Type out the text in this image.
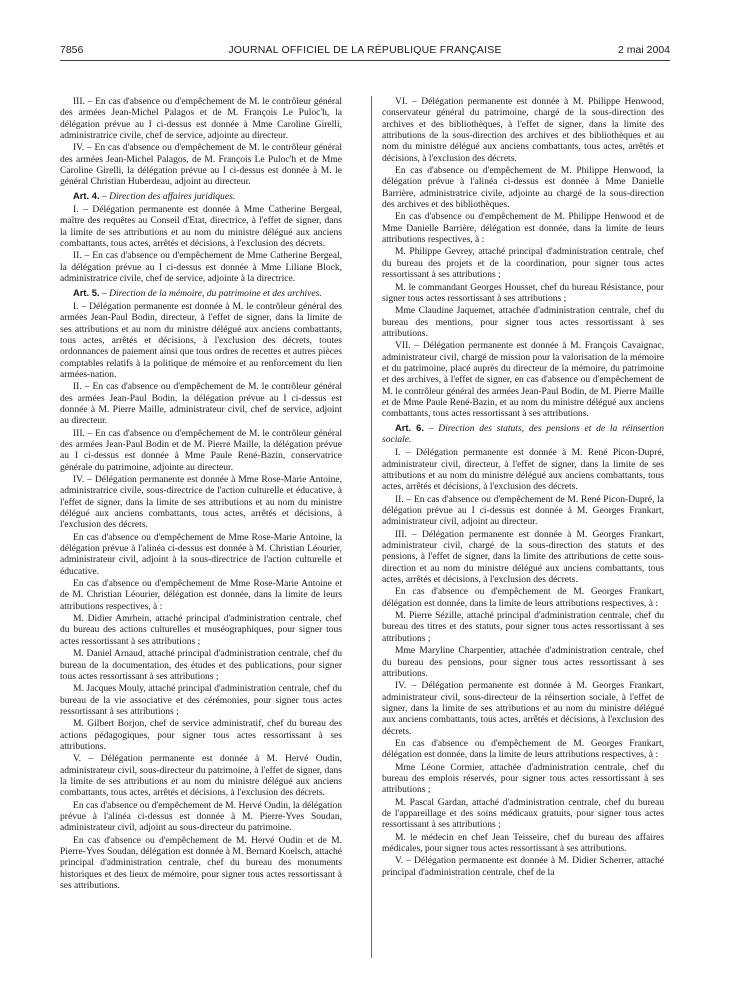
7856	JOURNAL OFFICIEL DE LA RÉPUBLIQUE FRANÇAISE	2 mai 2004

III. – En cas d'absence ou d'empêchement de M. le contrôleur général des armées Jean-Michel Palagos et de M. François Le Puloc'h, la délégation prévue au I ci-dessus est donnée à Mme Caroline Girelli, administratrice civile, chef de service, adjointe au directeur.

IV. – En cas d'absence ou d'empêchement de M. le contrôleur général des armées Jean-Michel Palagos, de M. François Le Puloc'h et de Mme Caroline Girelli, la délégation prévue au I ci-dessus est donnée à M. le général Christian Huberdeau, adjoint au directeur.

Art. 4. – Direction des affaires juridiques.

I. – Délégation permanente est donnée à Mme Catherine Bergeal, maître des requêtes au Conseil d'Etat, directrice, à l'effet de signer, dans la limite de ses attributions et au nom du ministre délégué aux anciens combattants, tous actes, arrêtés et décisions, à l'exclusion des décrets.

II. – En cas d'absence ou d'empêchement de Mme Catherine Bergeal, la délégation prévue au I ci-dessus est donnée à Mme Liliane Block, administratrice civile, chef de service, adjointe à la directrice.

Art. 5. – Direction de la mémoire, du patrimoine et des archives.

I. – Délégation permanente est donnée à M. le contrôleur général des armées Jean-Paul Bodin, directeur, à l'effet de signer, dans la limite de ses attributions et au nom du ministre délégué aux anciens combattants, tous actes, arrêtés et décisions, à l'exclusion des décrets, toutes ordonnances de paiement ainsi que tous ordres de recettes et autres pièces comptables relatifs à la politique de mémoire et au renforcement du lien armées-nation.

II. – En cas d'absence ou d'empêchement de M. le contrôleur général des armées Jean-Paul Bodin, la délégation prévue au I ci-dessus est donnée à M. Pierre Maille, administrateur civil, chef de service, adjoint au directeur.

III. – En cas d'absence ou d'empêchement de M. le contrôleur général des armées Jean-Paul Bodin et de M. Pierre Maille, la délégation prévue au I ci-dessus est donnée à Mme Paule René-Bazin, conservatrice générale du patrimoine, adjointe au directeur.

IV. – Délégation permanente est donnée à Mme Rose-Marie Antoine, administratrice civile, sous-directrice de l'action culturelle et éducative, à l'effet de signer, dans la limite de ses attributions et au nom du ministre délégué aux anciens combattants, tous actes, arrêtés et décisions, à l'exclusion des décrets.

En cas d'absence ou d'empêchement de Mme Rose-Marie Antoine, la délégation prévue à l'alinéa ci-dessus est donnée à M. Christian Léourier, administrateur civil, adjoint à la sous-directrice de l'action culturelle et éducative.

En cas d'absence ou d'empêchement de Mme Rose-Marie Antoine et de M. Christian Léourier, délégation est donnée, dans la limite de leurs attributions respectives, à :

M. Didier Amrhein, attaché principal d'administration centrale, chef du bureau des actions culturelles et muséographiques, pour signer tous actes ressortissant à ses attributions ;

M. Daniel Arnaud, attaché principal d'administration centrale, chef du bureau de la documentation, des études et des publications, pour signer tous actes ressortissant à ses attributions ;

M. Jacques Mouly, attaché principal d'administration centrale, chef du bureau de la vie associative et des cérémonies, pour signer tous actes ressortissant à ses attributions ;

M. Gilbert Borjon, chef de service administratif, chef du bureau des actions pédagogiques, pour signer tous actes ressortissant à ses attributions.

V. – Délégation permanente est donnée à M. Hervé Oudin, administrateur civil, sous-directeur du patrimoine, à l'effet de signer, dans la limite de ses attributions et au nom du ministre délégué aux anciens combattants, tous actes, arrêtés et décisions, à l'exclusion des décrets.

En cas d'absence ou d'empêchement de M. Hervé Oudin, la délégation prévue à l'alinéa ci-dessus est donnée à M. Pierre-Yves Soudan, administrateur civil, adjoint au sous-directeur du patrimoine.

En cas d'absence ou d'empêchement de M. Hervé Oudin et de M. Pierre-Yves Soudan, délégation est donnée à M. Bernard Koelsch, attaché principal d'administration centrale, chef du bureau des monuments historiques et des lieux de mémoire, pour signer tous actes ressortissant à ses attributions.

VI. – Délégation permanente est donnée à M. Philippe Henwood, conservateur général du patrimoine, chargé de la sous-direction des archives et des bibliothèques, à l'effet de signer, dans la limite des attributions de la sous-direction des archives et des bibliothèques et au nom du ministre délégué aux anciens combattants, tous actes, arrêtés et décisions, à l'exclusion des décrets.

En cas d'absence ou d'empêchement de M. Philippe Henwood, la délégation prévue à l'alinéa ci-dessus est donnée à Mme Danielle Barrière, administratrice civile, adjointe au chargé de la sous-direction des archives et des bibliothèques.

En cas d'absence ou d'empêchement de M. Philippe Henwood et de Mme Danielle Barrière, délégation est donnée, dans la limite de leurs attributions respectives, à :

M. Philippe Gevrey, attaché principal d'administration centrale, chef du bureau des projets et de la coordination, pour signer tous actes ressortissant à ses attributions ;

M. le commandant Georges Housset, chef du bureau Résistance, pour signer tous actes ressortissant à ses attributions ;

Mme Claudine Jaquemet, attachée d'administration centrale, chef du bureau des mentions, pour signer tous actes ressortissant à ses attributions.

VII. – Délégation permanente est donnée à M. François Cavaignac, administrateur civil, chargé de mission pour la valorisation de la mémoire et du patrimoine, placé auprès du directeur de la mémoire, du patrimoine et des archives, à l'effet de signer, en cas d'absence ou d'empêchement de M. le contrôleur général des armées Jean-Paul Bodin, de M. Pierre Maille et de Mme Paule René-Bazin, et au nom du ministre délégué aux anciens combattants, tous actes ressortissant à ses attributions.

Art. 6. – Direction des statuts, des pensions et de la réinsertion sociale.

I. – Délégation permanente est donnée à M. René Picon-Dupré, administrateur civil, directeur, à l'effet de signer, dans la limite de ses attributions et au nom du ministre délégué aux anciens combattants, tous actes, arrêtés et décisions, à l'exclusion des décrets.

II. – En cas d'absence ou d'empêchement de M. René Picon-Dupré, la délégation prévue au I ci-dessus est donnée à M. Georges Frankart, administrateur civil, adjoint au directeur.

III. – Délégation permanente est donnée à M. Georges Frankart, administrateur civil, chargé de la sous-direction des statuts et des pensions, à l'effet de signer, dans la limite des attributions de cette sous-direction et au nom du ministre délégué aux anciens combattants, tous actes, arrêtés et décisions, à l'exclusion des décrets.

En cas d'absence ou d'empêchement de M. Georges Frankart, délégation est donnée, dans la limite de leurs attributions respectives, à :

M. Pierre Sézille, attaché principal d'administration centrale, chef du bureau des titres et des statuts, pour signer tous actes ressortissant à ses attributions ;

Mme Maryline Charpentier, attachée d'administration centrale, chef du bureau des pensions, pour signer tous actes ressortissant à ses attributions.

IV. – Délégation permanente est donnée à M. Georges Frankart, administrateur civil, sous-directeur de la réinsertion sociale, à l'effet de signer, dans la limite de ses attributions et au nom du ministre délégué aux anciens combattants, tous actes, arrêtés et décisions, à l'exclusion des décrets.

En cas d'absence ou d'empêchement de M. Georges Frankart, délégation est donnée, dans la limite de leurs attributions respectives, à :

Mme Léone Cormier, attachée d'administration centrale, chef du bureau des emplois réservés, pour signer tous actes ressortissant à ses attributions ;

M. Pascal Gardan, attaché d'administration centrale, chef du bureau de l'appareillage et des soins médicaux gratuits, pour signer tous actes ressortissant à ses attributions ;

M. le médecin en chef Jean Teisseire, chef du bureau des affaires médicales, pour signer tous actes ressortissant à ses attributions.

V. – Délégation permanente est donnée à M. Didier Scherrer, attaché principal d'administration centrale, chef de la
